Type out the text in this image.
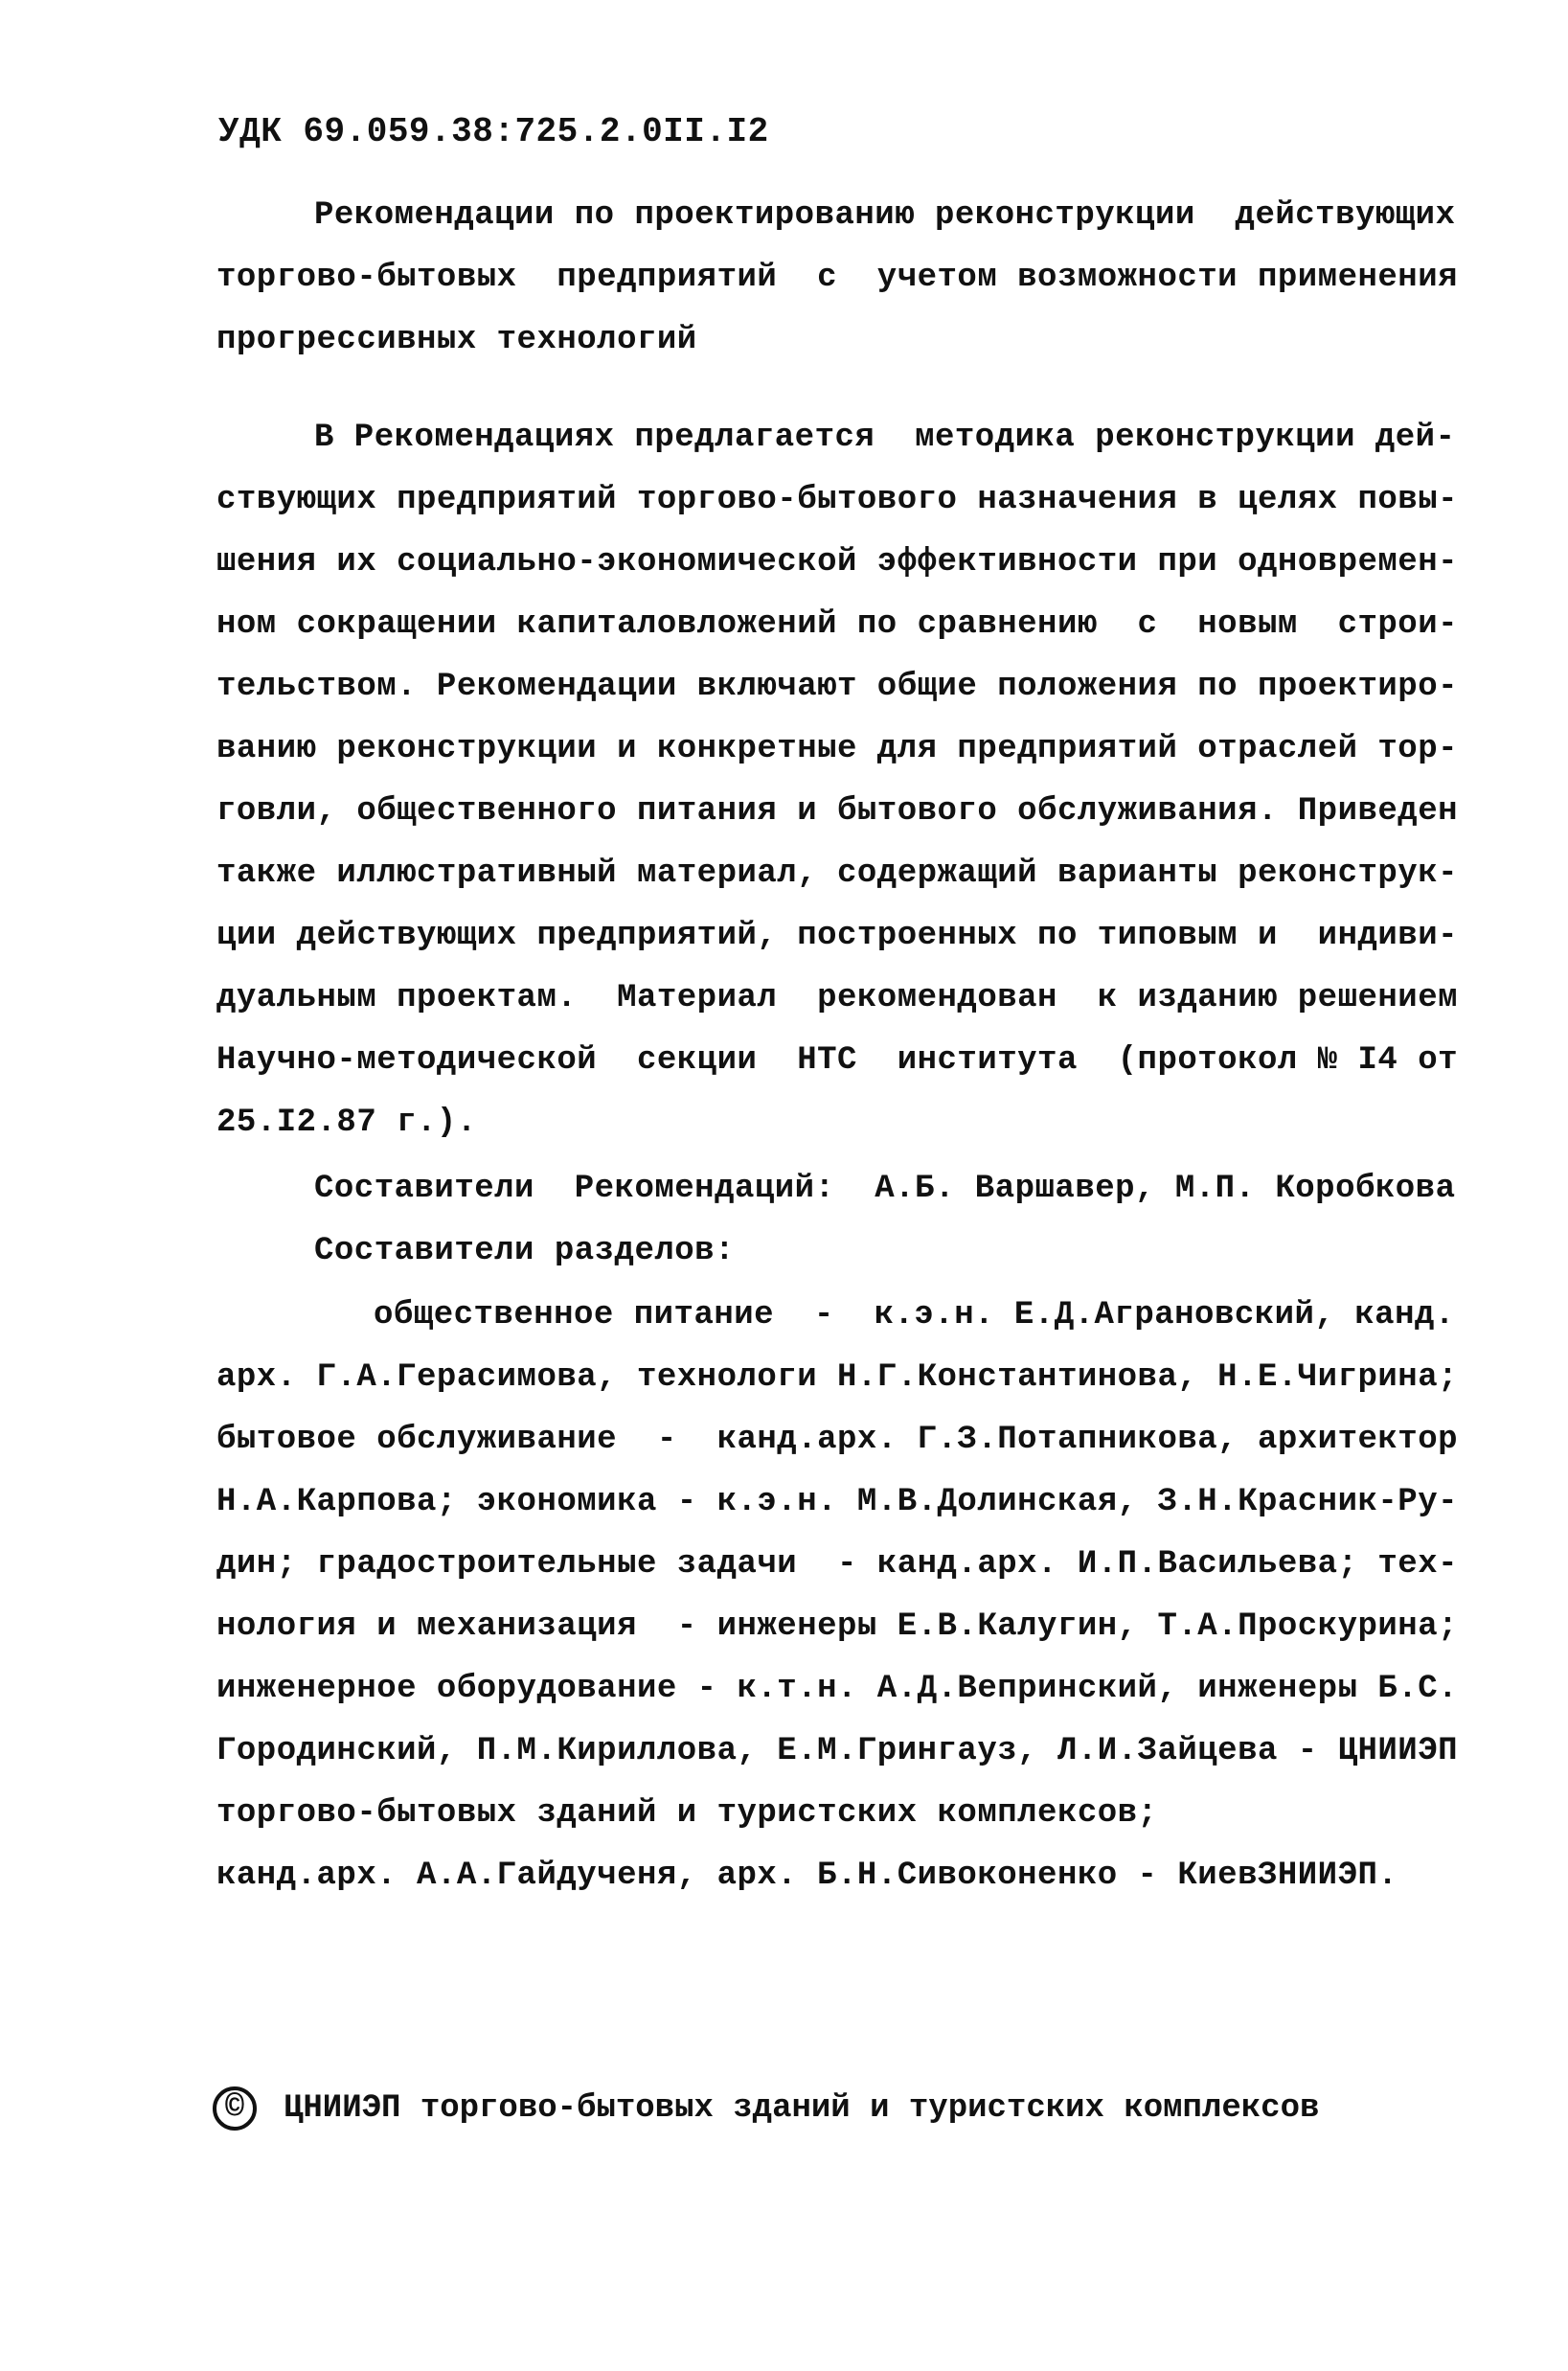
УДК 69.059.38:725.2.0II.I2
Рекомендации по проектированию реконструкции  действующих
торгово-бытовых  предприятий  с  учетом возможности применения
прогрессивных технологий
В Рекомендациях предлагается  методика реконструкции дей-
ствующих предприятий торгово-бытового назначения в целях повы-
шения их социально-экономической эффективности при одновремен-
ном сокращении капиталовложений по сравнению  с  новым  строи-
тельством. Рекомендации включают общие положения по проектиро-
ванию реконструкции и конкретные для предприятий отраслей тор-
говли, общественного питания и бытового обслуживания. Приведен
также иллюстративный материал, содержащий варианты реконструк-
ции действующих предприятий, построенных по типовым и  индиви-
дуальным проектам.  Материал  рекомендован  к изданию решением
Научно-методической  секции  НТС  института  (протокол № I4 от
25.I2.87 г.).
Составители  Рекомендаций:  А.Б. Варшавер, М.П. Коробкова
Составители разделов:
общественное питание  -  к.э.н. Е.Д.Аграновский, канд.
арх. Г.А.Герасимова, технологи Н.Г.Константинова, Н.Е.Чигрина;
бытовое обслуживание  -  канд.арх. Г.З.Потапникова, архитектор
Н.А.Карпова; экономика - к.э.н. М.В.Долинская, З.Н.Красник-Ру-
дин; градостроительные задачи  - канд.арх. И.П.Васильева; тех-
нология и механизация  - инженеры Е.В.Калугин, Т.А.Проскурина;
инженерное оборудование - к.т.н. А.Д.Вепринский, инженеры Б.С.
Городинский, П.М.Кириллова, Е.М.Грингауз, Л.И.Зайцева - ЦНИИЭП
торгово-бытовых зданий и туристских комплексов;
канд.арх. А.А.Гайдученя, арх. Б.Н.Сивоконенко - КиевЗНИИЭП.
©	ЦНИИЭП торгово-бытовых зданий и туристских комплексов
